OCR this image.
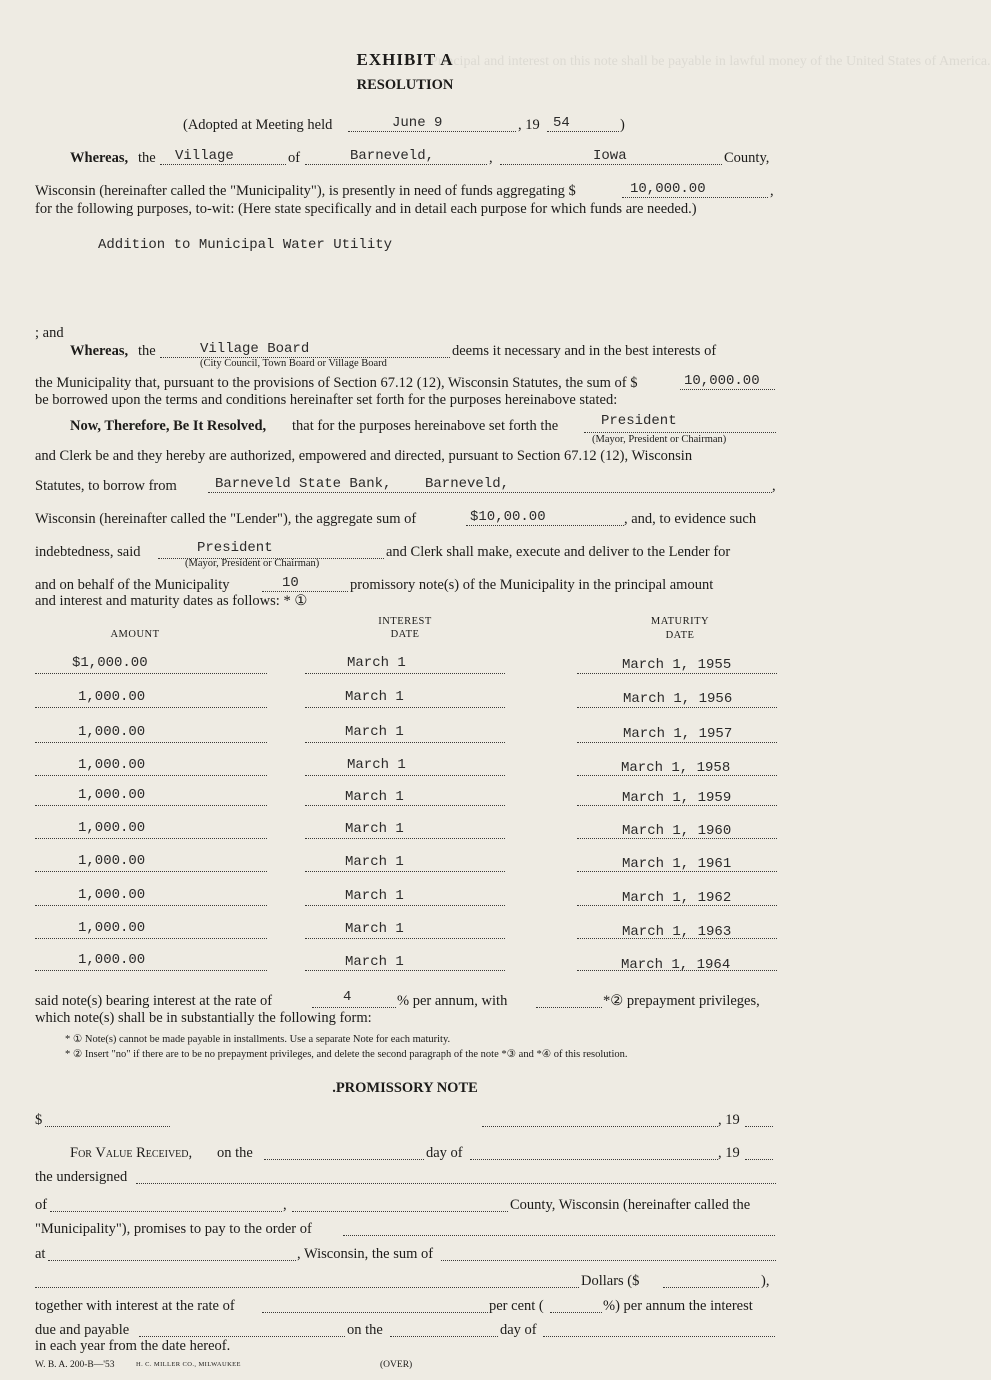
Principal and interest on this note shall be payable in lawful money of the United States of America.
EXHIBIT A
RESOLUTION
(Adopted at Meeting held	June 9	, 19 54	)
Whereas, the Village	of	Barneveld,	,	Iowa	County,
Wisconsin (hereinafter called the "Municipality"), is presently in need of funds aggregating $	10,000.00	,
for the following purposes, to-wit: (Here state specifically and in detail each purpose for which funds are needed.)
Addition to Municipal Water Utility
; and
Whereas, the	Village Board
(City Council, Town Board or Village Board
deems it necessary and in the best interests of
the Municipality that, pursuant to the provisions of Section 67.12 (12), Wisconsin Statutes, the sum of $	10,000.00
be borrowed upon the terms and conditions hereinafter set forth for the purposes hereinabove stated:
Now, Therefore, Be It Resolved, that for the purposes hereinabove set forth the	President
(Mayor, President or Chairman)
and Clerk be and they hereby are authorized, empowered and directed, pursuant to Section 67.12 (12), Wisconsin
Statutes, to borrow from	Barneveld State Bank, Barneveld,	,
Wisconsin (hereinafter called the "Lender"), the aggregate sum of	$10,00.00	, and, to evidence such
indebtedness, said	President
(Mayor, President or Chairman)
and Clerk shall make, execute and deliver to the Lender for
and on behalf of the Municipality	10	promissory note(s) of the Municipality in the principal amount
and interest and maturity dates as follows: * ①
AMOUNT
INTEREST
DATE
MATURITY
DATE
$1,000.00	March 1	March 1, 1955
1,000.00	March 1	March 1, 1956
1,000.00	March 1	March 1, 1957
1,000.00	March 1	March 1, 1958
1,000.00	March 1	March 1, 1959
1,000.00	March 1	March 1, 1960
1,000.00	March 1	March 1, 1961
1,000.00	March 1	March 1, 1962
1,000.00	March 1	March 1, 1963
1,000.00	March 1	March 1, 1964
said note(s) bearing interest at the rate of	4	% per annum, with	*② prepayment privileges,
which note(s) shall be in substantially the following form:
* ① Note(s) cannot be made payable in installments. Use a separate Note for each maturity.
* ② Insert "no" if there are to be no prepayment privileges, and delete the second paragraph of the note *③ and *④ of this resolution.
.PROMISSORY NOTE
$	, 19
For Value Received, on the	day of	, 19
the undersigned
of	,	County, Wisconsin (hereinafter called the
"Municipality"), promises to pay to the order of
at	, Wisconsin, the sum of
Dollars ($	),
together with interest at the rate of	per cent (	%) per annum the interest
due and payable	on the	day of
in each year from the date hereof.
W. B. A. 200-B—'53	H. C. MILLER CO., MILWAUKEE	(OVER)
